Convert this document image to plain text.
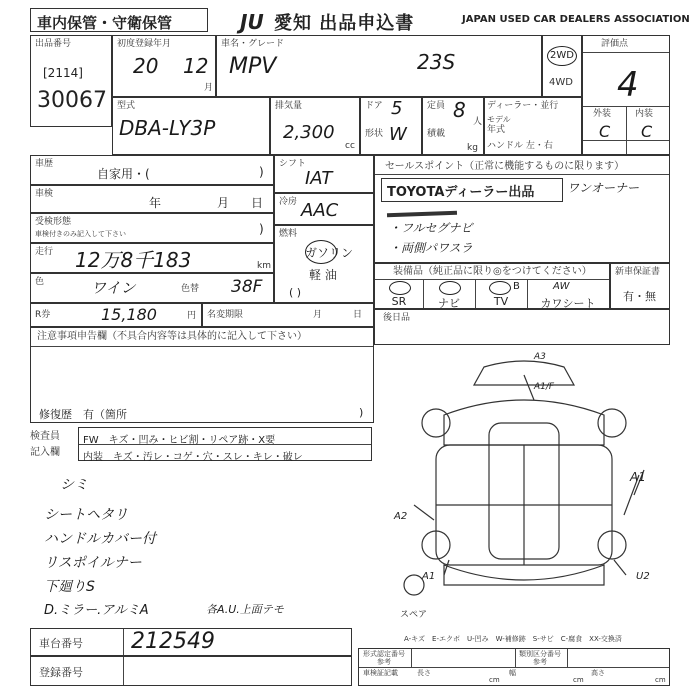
車内保管・守衛保管	JU 愛知 出品申込書	JAPAN USED CAR DEALERS ASSOCIATION
出品番号
[2114]
30067
初度登録年月
20 12
月
車名・グレード
MPV	23S	2WD
4WD
評価点
4
外装	内装
C C
型式
DBA-LY3P
排気量
2,300
cc
ドア 5
形状 W
定員 8 人
積載
kg
ディーラー・並行
モデル
年式
ハンドル 左・右
車歴
自家用・(	)
車検
年	月 日
受検形態
車検付きのみ記入して下さい	)
走行 12万8千183	km
色	ワイン	色替 38F
シフト
IAT
冷房 AAC
燃料
ガソリン
軽 油
( )
R券	15,180	円 名変期限	月	日
注意事項申告欄（不具合内容等は具体的に記入して下さい）
修復歴　有（箇所	)
検査員
記入欄
FW　キズ・凹み・ヒビ割・リペア跡・X要
内装　キズ・汚レ・コゲ・穴・スレ・キレ・破レ
シミ
シートヘタリ
ハンドルカバー付
リスポイルナー
下廻りS
D.ミラー.アルミA	各A.U.上面テモ
車台番号 212549
登録番号
セールスポイント（正常に機能するものに限ります）
TOYOTAディーラー出品	ワンオーナー
・フルセグナビ
・両側パワスラ
装備品（純正品に限り◎をつけてください）
B	AW
SR	ナビ	TV	カワシート
新車保証書
有・無
後日品
A3
A1/F
A2
A1	U2
A1
スペア
A-キズ　E-エクボ　U-凹み　W-補修跡　S-サビ　C-腐食　XX-交換済
形式認定番号
参考
類別区分番号
参考
車検証記載	長さ
cm
幅
cm
高さ
cm
